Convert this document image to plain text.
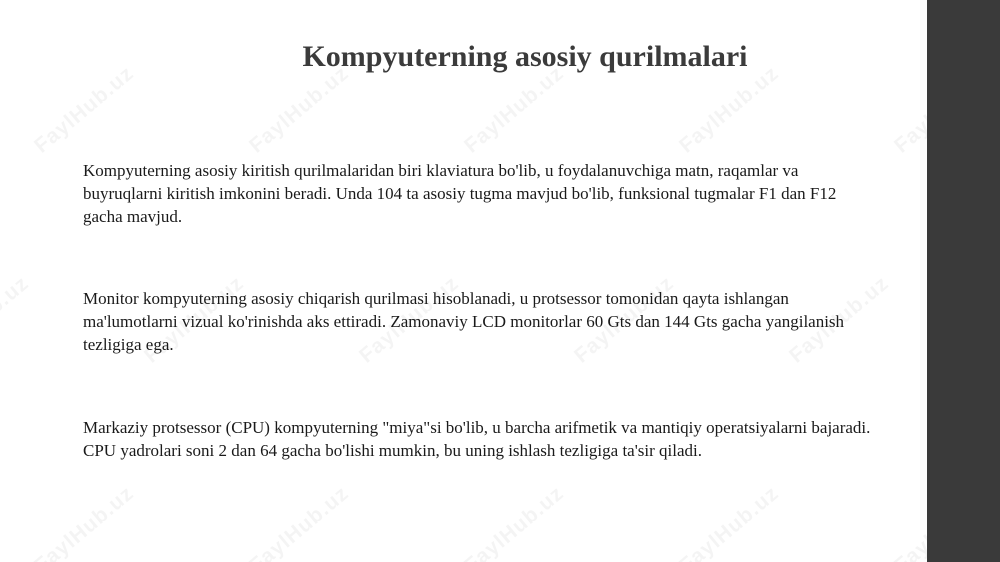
Kompyuterning asosiy qurilmalari

Kompyuterning asosiy kiritish qurilmalaridan biri klaviatura bo'lib, u foydalanuvchiga matn, raqamlar va
buyruqlarni kiritish imkonini beradi. Unda 104 ta asosiy tugma mavjud bo'lib, funksional tugmalar F1 dan F12
gacha mavjud.

Monitor kompyuterning asosiy chiqarish qurilmasi hisoblanadi, u protsessor tomonidan qayta ishlangan
ma'lumotlarni vizual ko'rinishda aks ettiradi. Zamonaviy LCD monitorlar 60 Gts dan 144 Gts gacha yangilanish
tezligiga ega.

Markaziy protsessor (CPU) kompyuterning "miya"si bo'lib, u barcha arifmetik va mantiqiy operatsiyalarni bajaradi.
CPU yadrolari soni 2 dan 64 gacha bo'lishi mumkin, bu uning ishlash tezligiga ta'sir qiladi.
